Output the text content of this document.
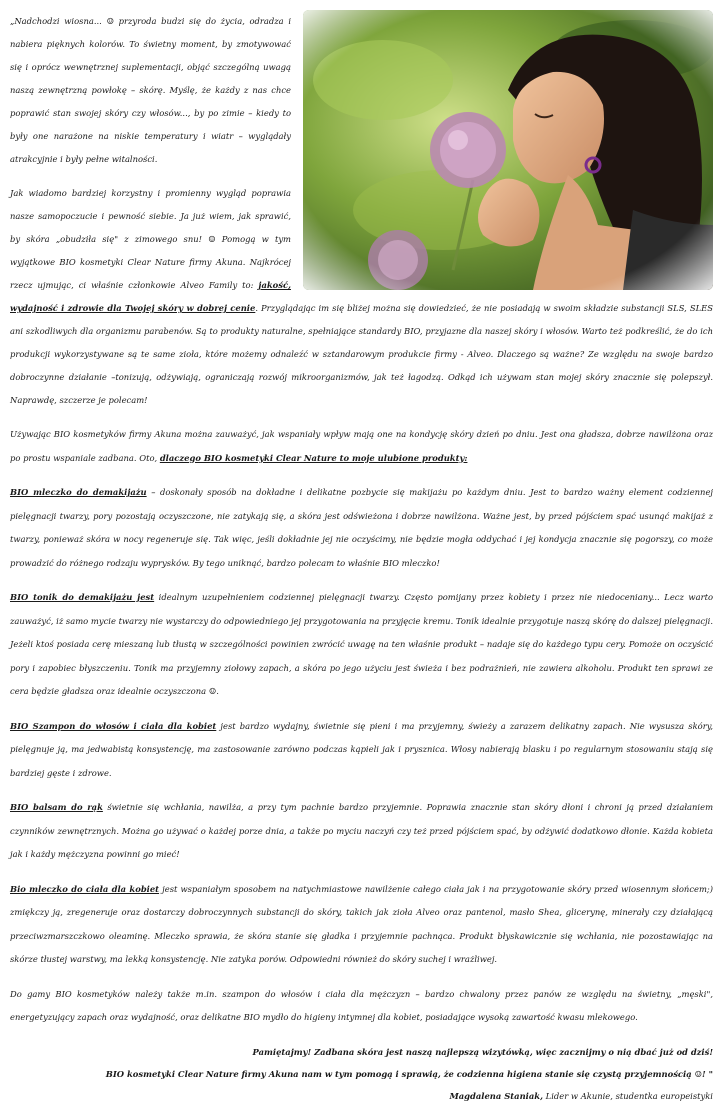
„Nadchodzi wiosna... ☺ przyroda budzi się do życia, odradza i nabiera pięknych kolorów. To świetny moment, by zmotywować się i oprócz wewnętrznej suplementacji, objąć szczególną uwagą naszą zewnętrzną powłokę – skórę. Myślę, że każdy z nas chce poprawić stan swojej skóry czy włosów..., by po zimie – kiedy to były one narażone na niskie temperatury i wiatr – wyglądały atrakcyjnie i były pełne witalności.

Jak wiadomo bardziej korzystny i promienny wygląd poprawia nasze samopoczucie i pewność siebie. Ja już wiem, jak sprawić, by skóra „obudziła się" z zimowego snu! ☺ Pomogą w tym wyjątkowe BIO kosmetyki Clear Nature firmy Akuna. Najkrócej rzecz ujmując, ci właśnie członkowie Alveo Family to: jakość, wydajność i zdrowie dla Twojej skóry w dobrej cenie. Przyglądając im się bliżej można się dowiedzieć, że nie posiadają w swoim składzie substancji SLS, SLES ani szkodliwych dla organizmu parabenów. Są to produkty naturalne, spełniające standardy BIO, przyjazne dla naszej skóry i włosów. Warto też podkreślić, że do ich produkcji wykorzystywane są te same zioła, które możemy odnaleźć w sztandarowym produkcie firmy - Alveo. Dlaczego są ważne? Ze względu na swoje bardzo dobroczynne działanie –tonizują, odżywiają, ograniczają rozwój mikroorganizmów, jak też łagodzą. Odkąd ich używam stan mojej skóry znacznie się polepszył. Naprawdę, szczerze je polecam!

Używając BIO kosmetyków firmy Akuna można zauważyć, jak wspaniały wpływ mają one na kondycję skóry dzień po dniu. Jest ona gładsza, dobrze nawilżona oraz po prostu wspaniale zadbana. Oto, dlaczego BIO kosmetyki Clear Nature to moje ulubione produkty:

BIO mleczko do demakijażu – doskonały sposób na dokładne i delikatne pozbycie się makijażu po każdym dniu. Jest to bardzo ważny element codziennej pielęgnacji twarzy, pory pozostają oczyszczone, nie zatykają się, a skóra jest odświeżona i dobrze nawilżona. Ważne jest, by przed pójściem spać usunąć makijaż z twarzy, ponieważ skóra w nocy regeneruje się. Tak więc, jeśli dokładnie jej nie oczyścimy, nie będzie mogła oddychać i jej kondycja znacznie się pogorszy, co może prowadzić do różnego rodzaju wyprysków. By tego uniknąć, bardzo polecam to właśnie BIO mleczko!

BIO tonik do demakijażu jest idealnym uzupełnieniem codziennej pielęgnacji twarzy. Często pomijany przez kobiety i przez nie niedoceniany... Lecz warto zauważyć, iż samo mycie twarzy nie wystarczy do odpowiedniego jej przygotowania na przyjęcie kremu. Tonik idealnie przygotuje naszą skórę do dalszej pielęgnacji. Jeżeli ktoś posiada cerę mieszaną lub tłustą w szczególności powinien zwrócić uwagę na ten właśnie produkt – nadaje się do każdego typu cery. Pomoże on oczyścić pory i zapobiec błyszczeniu. Tonik ma przyjemny ziołowy zapach, a skóra po jego użyciu jest świeża i bez podrażnień, nie zawiera alkoholu. Produkt ten sprawi ze cera będzie gładsza oraz idealnie oczyszczona ☺.

BIO Szampon do włosów i ciała dla kobiet jest bardzo wydajny, świetnie się pieni i ma przyjemny, świeży a zarazem delikatny zapach. Nie wysusza skóry, pielęgnuje ją, ma jedwabistą konsystencję, ma zastosowanie zarówno podczas kąpieli jak i prysznica. Włosy nabierają blasku i po regularnym stosowaniu stają się bardziej gęste i zdrowe.

BIO balsam do rąk świetnie się wchłania, nawilża, a przy tym pachnie bardzo przyjemnie. Poprawia znacznie stan skóry dłoni i chroni ją przed działaniem czynników zewnętrznych. Można go używać o każdej porze dnia, a także po myciu naczyń czy też przed pójściem spać, by odżywić dodatkowo dłonie. Każda kobieta jak i każdy mężczyzna powinni go mieć!

Bio mleczko do ciała dla kobiet jest wspaniałym sposobem na natychmiastowe nawilżenie całego ciała jak i na przygotowanie skóry przed wiosennym słońcem;) zmiękczy ją, zregeneruje oraz dostarczy dobroczynnych substancji do skóry, takich jak zioła Alveo oraz pantenol, masło Shea, glicerynę, minerały czy działającą przeciwzmarszczkowo oleaminę. Mleczko sprawia, że skóra stanie się gładka i przyjemnie pachnąca. Produkt błyskawicznie się wchłania, nie pozostawiając na skórze tłustej warstwy, ma lekką konsystencję. Nie zatyka porów. Odpowiedni również do skóry suchej i wrażliwej.

Do gamy BIO kosmetyków należy także m.in. szampon do włosów i ciała dla mężczyzn – bardzo chwalony przez panów ze względu na świetny, „męski", energetyzujący zapach oraz wydajność, oraz delikatne BIO mydło do higieny intymnej dla kobiet, posiadające wysoką zawartość kwasu mlekowego.

Pamiętajmy! Zadbana skóra jest naszą najlepszą wizytówką, więc zacznijmy o nią dbać już od dziś!

BIO kosmetyki Clear Nature firmy Akuna nam w tym pomogą i sprawią, że codzienna higiena stanie się czystą przyjemnością ☺! "

Magdalena Staniak, Lider w Akunie, studentka europeistyki
